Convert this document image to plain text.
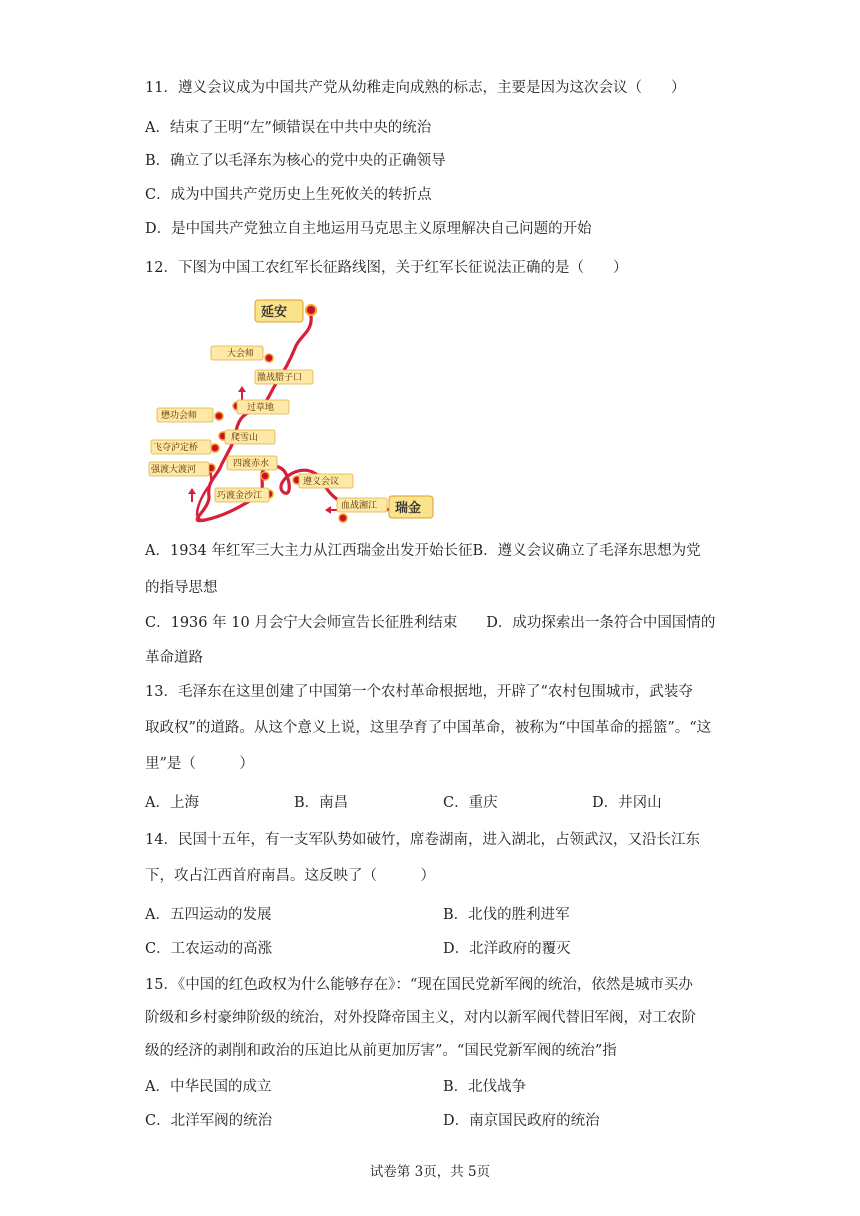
11．遵义会议成为中国共产党从幼稚走向成熟的标志，主要是因为这次会议（　　）
A．结束了王明“左”倾错误在中共中央的统治
B．确立了以毛泽东为核心的党中央的正确领导
C．成为中国共产党历史上生死攸关的转折点
D．是中国共产党独立自主地运用马克思主义原理解决自己问题的开始
12．下图为中国工农红军长征路线图，关于红军长征说法正确的是（　　）
延安
瑞金
大会师
激战腊子口
过草地
懋功会师
爬雪山
飞夺泸定桥
四渡赤水
强渡大渡河
遵义会议
巧渡金沙江
血战湘江
A．1934 年红军三大主力从江西瑞金出发开始长征B．遵义会议确立了毛泽东思想为党
的指导思想
C．1936 年 10 月会宁大会师宣告长征胜利结束　　D．成功探索出一条符合中国国情的
革命道路
13．毛泽东在这里创建了中国第一个农村革命根据地，开辟了“农村包围城市，武装夺
取政权”的道路。从这个意义上说，这里孕育了中国革命，被称为“中国革命的摇篮”。“这
里”是（　　　）
A．上海	B．南昌	C．重庆	D．井冈山
14．民国十五年，有一支军队势如破竹，席卷湖南，进入湖北，占领武汉，又沿长江东
下，攻占江西首府南昌。这反映了（　　　）
A．五四运动的发展	B．北伐的胜利进军
C．工农运动的高涨	D．北洋政府的覆灭
15．《中国的红色政权为什么能够存在》：“现在国民党新军阀的统治，依然是城市买办
阶级和乡村豪绅阶级的统治，对外投降帝国主义，对内以新军阀代替旧军阀，对工农阶
级的经济的剥削和政治的压迫比从前更加厉害”。“国民党新军阀的统治”指
A．中华民国的成立	B．北伐战争
C．北洋军阀的统治	D．南京国民政府的统治
试卷第 3页，共 5页
